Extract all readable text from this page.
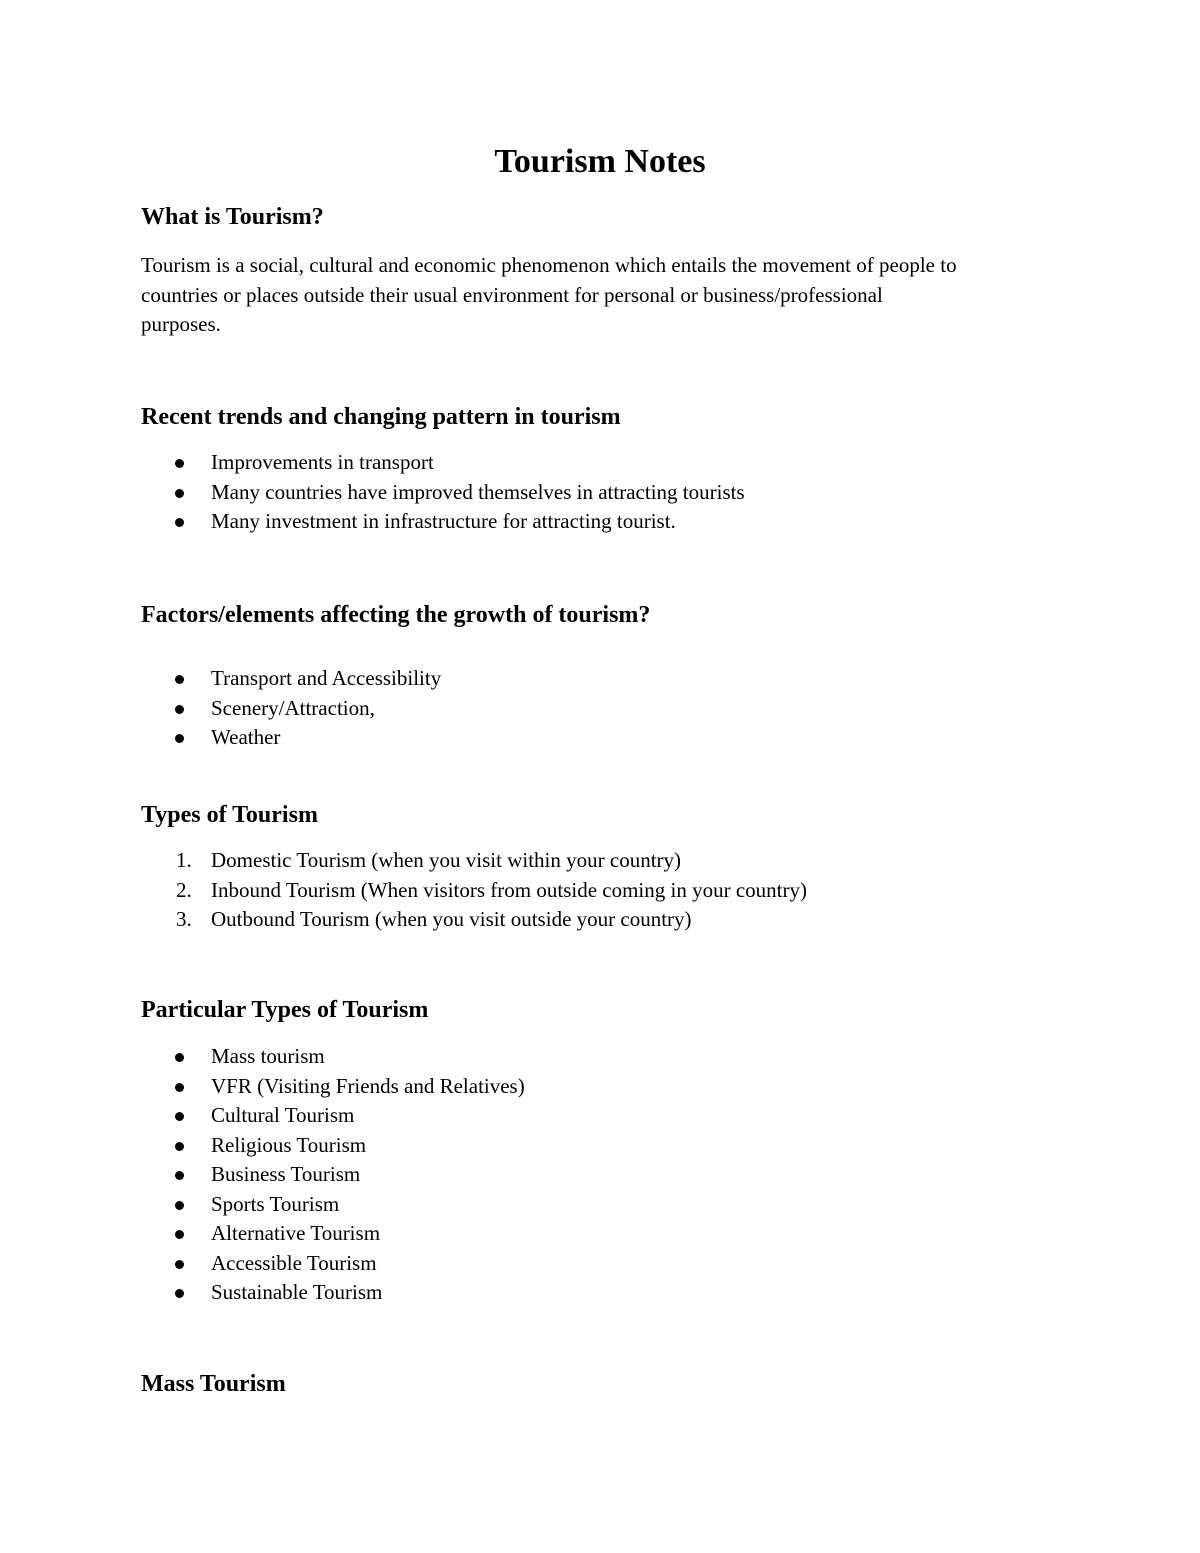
Tourism Notes
What is Tourism?
Tourism is a social, cultural and economic phenomenon which entails the movement of people to
countries or places outside their usual environment for personal or business/professional
purposes.
Recent trends and changing pattern in tourism
Improvements in transport
Many countries have improved themselves in attracting tourists
Many investment in infrastructure for attracting tourist.
Factors/elements affecting the growth of tourism?
Transport and Accessibility
Scenery/Attraction,
Weather
Types of Tourism
1. Domestic Tourism (when you visit within your country)
2. Inbound Tourism (When visitors from outside coming in your country)
3. Outbound Tourism (when you visit outside your country)
Particular Types of Tourism
Mass tourism
VFR (Visiting Friends and Relatives)
Cultural Tourism
Religious Tourism
Business Tourism
Sports Tourism
Alternative Tourism
Accessible Tourism
Sustainable Tourism
Mass Tourism
